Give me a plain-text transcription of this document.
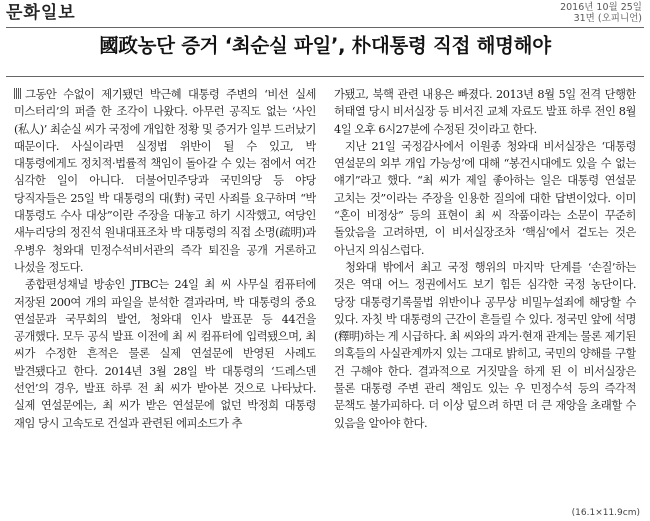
문화일보	2016년 10월 25일
31면 (오피니언)
國政농단 증거 ‘최순실 파일’, 朴대통령 직접 해명해야

그동안 수없이 제기됐던 박근혜 대통령 주변의 ‘비선 실세 미스터리’의 퍼즐 한 조각이 나왔다. 아무런 공직도 없는 ‘사인(私人)’ 최순실 씨가 국정에 개입한 정황 및 증거가 일부 드러났기 때문이다. 사실이라면 실정법 위반이 될 수 있고, 박 대통령에게도 정치적·법률적 책임이 돌아갈 수 있는 점에서 여간 심각한 일이 아니다. 더불어민주당과 국민의당 등 야당 당직자들은 25일 박 대통령의 대(對) 국민 사죄를 요구하며 “박 대통령도 수사 대상”이란 주장을 대놓고 하기 시작했고, 여당인 새누리당의 정진석 원내대표조차 박 대통령의 직접 소명(疏明)과 우병우 청와대 민정수석비서관의 즉각 퇴진을 공개 거론하고 나섰을 정도다.

종합편성채널 방송인 JTBC는 24일 최 씨 사무실 컴퓨터에 저장된 200여 개의 파일을 분석한 결과라며, 박 대통령의 중요 연설문과 국무회의 발언, 청와대 인사 발표문 등 44건을 공개했다. 모두 공식 발표 이전에 최 씨 컴퓨터에 입력됐으며, 최 씨가 수정한 흔적은 물론 실제 연설문에 반영된 사례도 발견됐다고 한다. 2014년 3월 28일 박 대통령의 ‘드레스덴 선언’의 경우, 발표 하루 전 최 씨가 받아본 것으로 나타났다. 실제 연설문에는, 최 씨가 받은 연설문에 없던 박정희 대통령 재임 당시 고속도로 건설과 관련된 에피소드가 추

가됐고, 북핵 관련 내용은 빠졌다. 2013년 8월 5일 전격 단행한 허태열 당시 비서실장 등 비서진 교체 자료도 발표 하루 전인 8월 4일 오후 6시27분에 수정된 것이라고 한다.

지난 21일 국정감사에서 이원종 청와대 비서실장은 ‘대통령 연설문의 외부 개입 가능성’에 대해 “봉건시대에도 있을 수 없는 얘기”라고 했다. “최 씨가 제일 좋아하는 일은 대통령 연설문 고치는 것”이라는 주장을 인용한 질의에 대한 답변이었다. 이미 “혼이 비정상” 등의 표현이 최 씨 작품이라는 소문이 꾸준히 돌았음을 고려하면, 이 비서실장조차 ‘핵심’에서 겉도는 것은 아닌지 의심스럽다.

청와대 밖에서 최고 국정 행위의 마지막 단계를 ‘손질’하는 것은 역대 어느 정권에서도 보기 힘든 심각한 국정 농단이다. 당장 대통령기록물법 위반이나 공무상 비밀누설죄에 해당할 수 있다. 자칫 박 대통령의 근간이 흔들릴 수 있다. 정국민 앞에 석명(釋明)하는 게 시급하다. 최 씨와의 과거·현재 관계는 물론 제기된 의혹들의 사실관계까지 있는 그대로 밝히고, 국민의 양해를 구할 건 구해야 한다. 결과적으로 거짓말을 하게 된 이 비서실장은 물론 대통령 주변 관리 책임도 있는 우 민정수석 등의 즉각적 문책도 불가피하다. 더 이상 덮으려 하면 더 큰 재앙을 초래할 수 있음을 알아야 한다.

(16.1×11.9cm)
